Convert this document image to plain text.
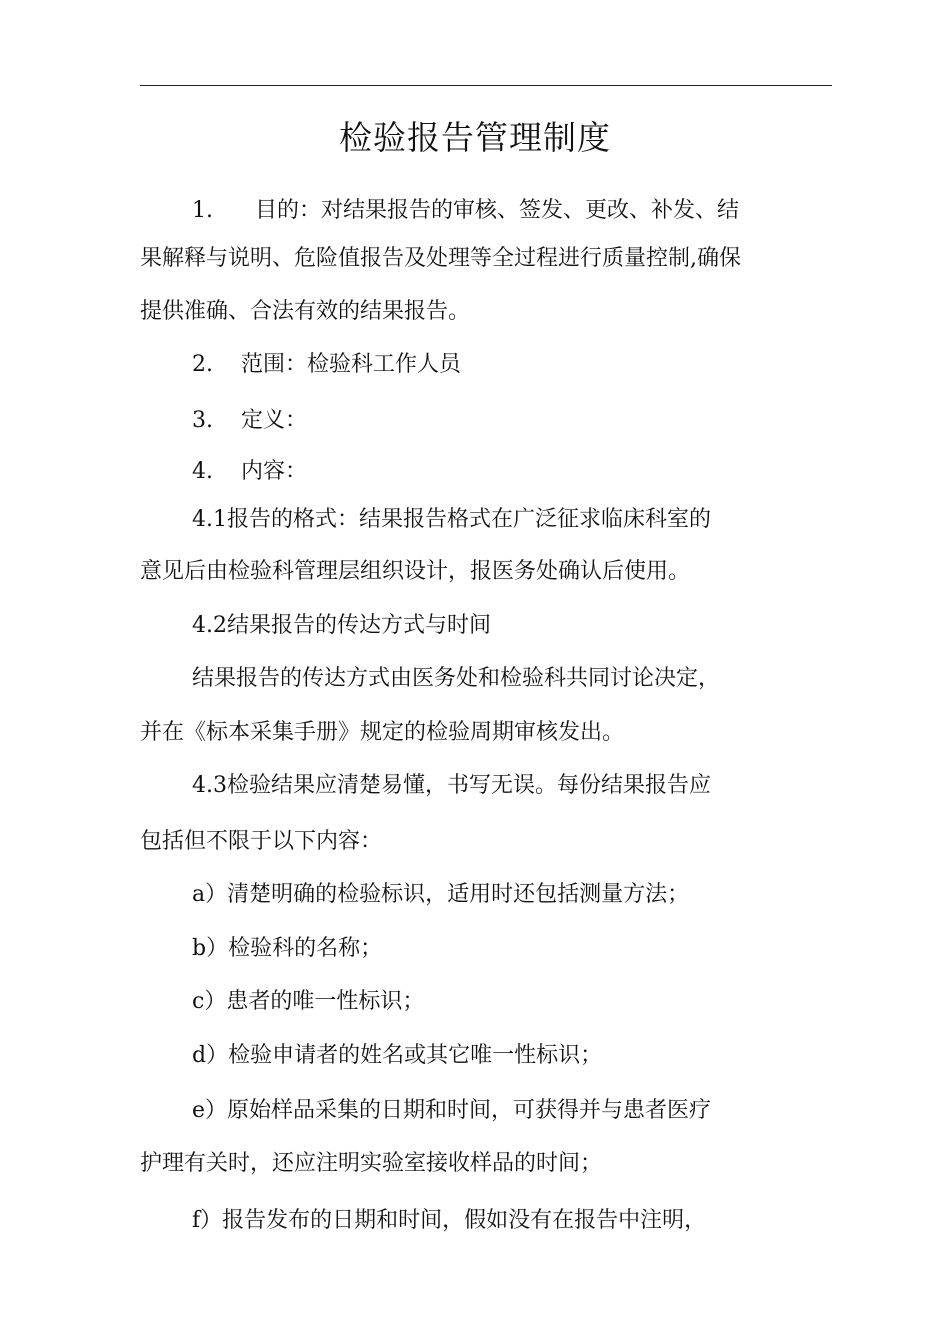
检验报告管理制度
1. 目的：对结果报告的审核、签发、更改、补发、结
果解释与说明、危险值报告及处理等全过程进行质量控制,确保
提供准确、合法有效的结果报告。
2. 范围：检验科工作人员
3. 定义：
4. 内容：
4.1报告的格式：结果报告格式在广泛征求临床科室的
意见后由检验科管理层组织设计，报医务处确认后使用。
4.2结果报告的传达方式与时间
结果报告的传达方式由医务处和检验科共同讨论决定，
并在《标本采集手册》规定的检验周期审核发出。
4.3检验结果应清楚易懂，书写无误。每份结果报告应
包括但不限于以下内容：
a）清楚明确的检验标识，适用时还包括测量方法；
b）检验科的名称；
c）患者的唯一性标识；
d）检验申请者的姓名或其它唯一性标识；
e）原始样品采集的日期和时间，可获得并与患者医疗
护理有关时，还应注明实验室接收样品的时间；
f）报告发布的日期和时间，假如没有在报告中注明，
